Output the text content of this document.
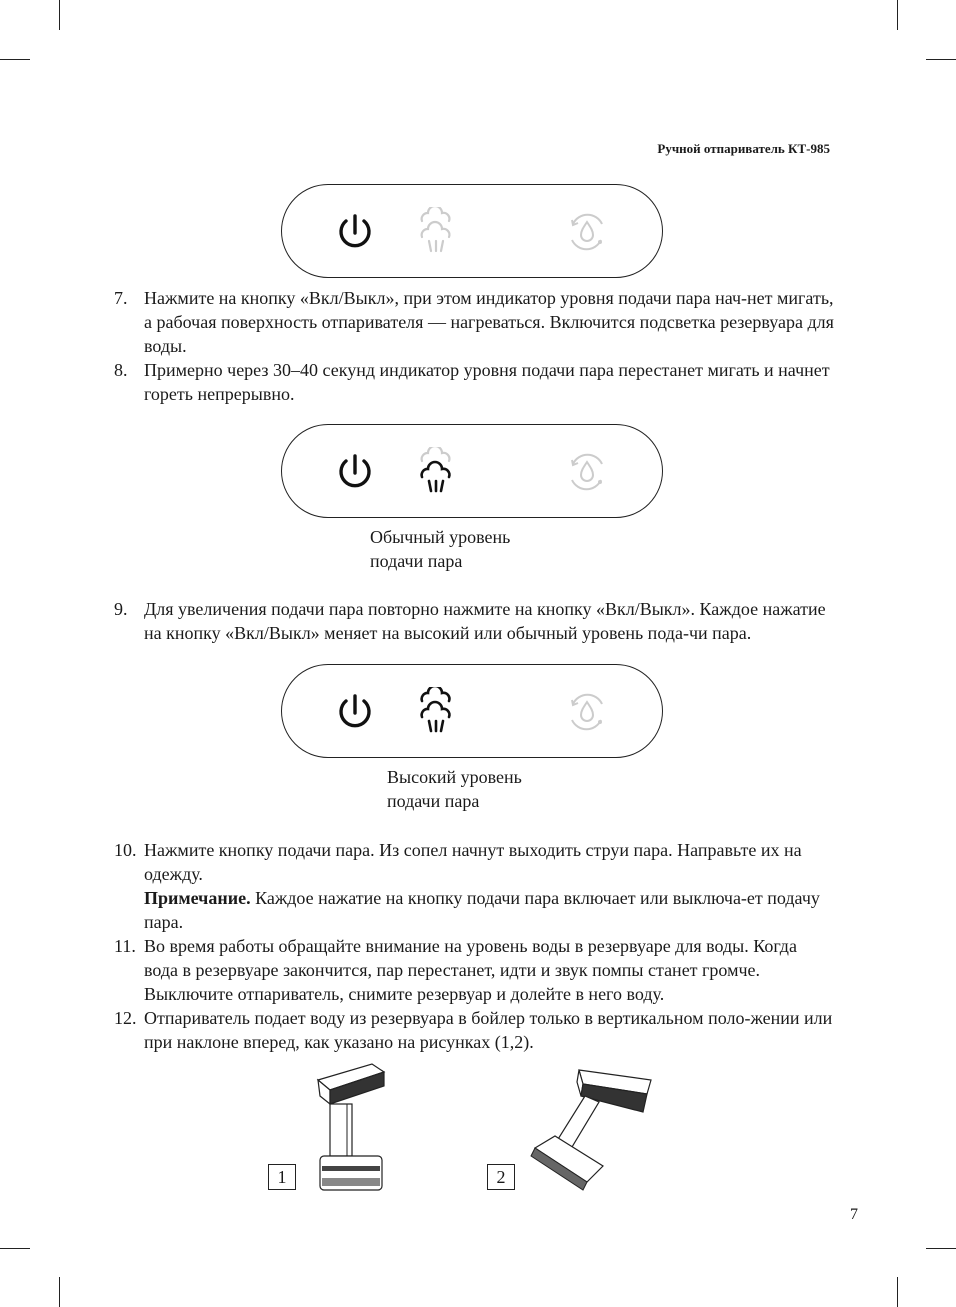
Ручной отпариватель КТ-985
7. Нажмите на кнопку «Вкл/Выкл», при этом индикатор уровня подачи пара нач-нет мигать, а рабочая поверхность отпаривателя — нагреваться. Включится подсветка резервуара для воды.
8. Примерно через 30–40 секунд индикатор уровня подачи пара перестанет мигать и начнет гореть непрерывно.
Обычный уровень
подачи пара
9. Для увеличения подачи пара повторно нажмите на кнопку «Вкл/Выкл». Каждое нажатие на кнопку «Вкл/Выкл» меняет на высокий или обычный уровень пода-чи пара.
Высокий уровень
подачи пара
10. Нажмите кнопку подачи пара. Из сопел начнут выходить струи пара. Направьте их на одежду.
Примечание. Каждое нажатие на кнопку подачи пара включает или выключа-ет подачу пара.
11. Во время работы обращайте внимание на уровень воды в резервуаре для воды. Когда вода в резервуаре закончится, пар перестанет, идти и звук помпы станет громче. Выключите отпариватель, снимите резервуар и долейте в него воду.
12. Отпариватель подает воду из резервуара в бойлер только в вертикальном поло-жении или при наклоне вперед, как указано на рисунках (1,2).
1	2
7
